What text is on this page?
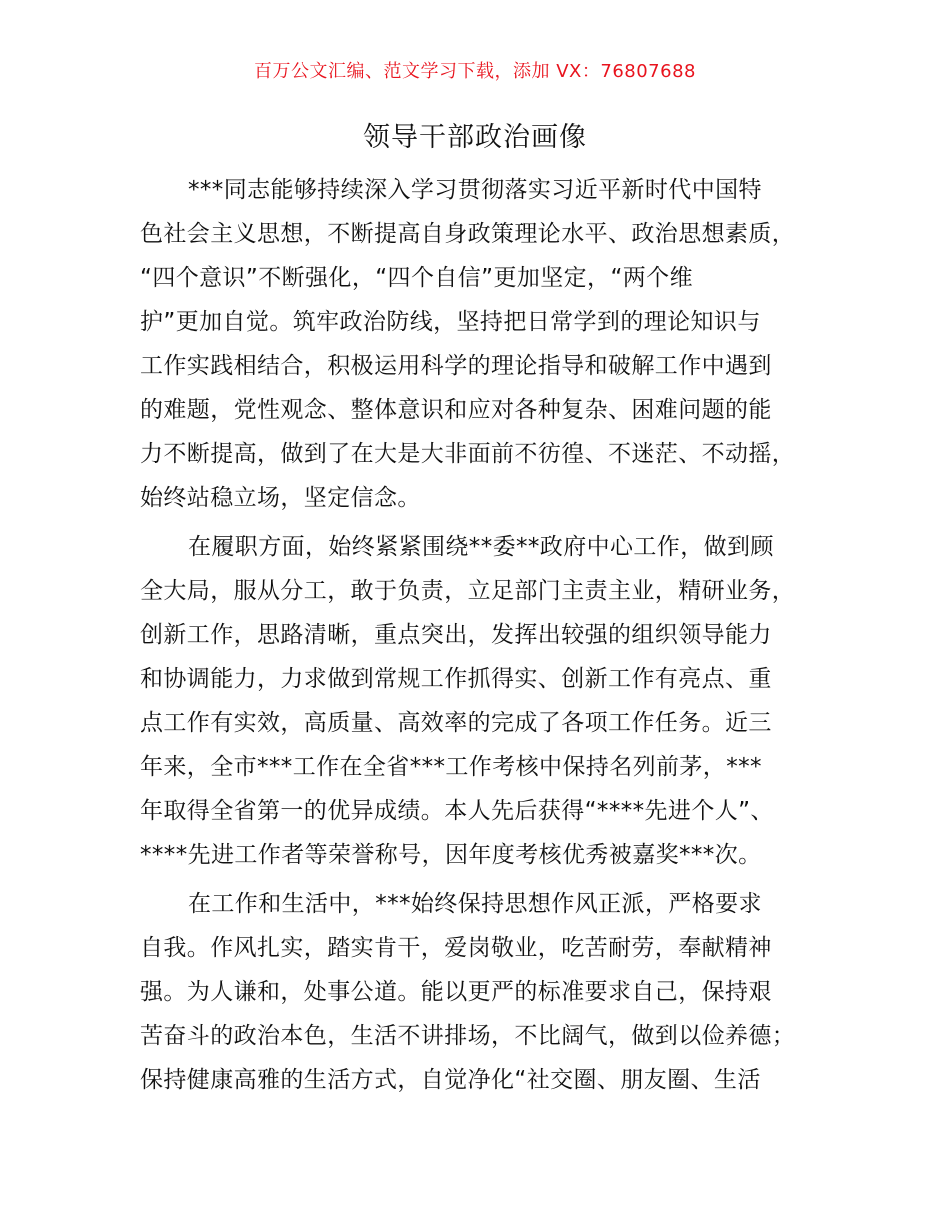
百万公文汇编、范文学习下载，添加 VX：76807688
领导干部政治画像
***同志能够持续深入学习贯彻落实习近平新时代中国特
色社会主义思想，不断提高自身政策理论水平、政治思想素质，
“四个意识”不断强化，“四个自信”更加坚定，“两个维
护”更加自觉。筑牢政治防线，坚持把日常学到的理论知识与
工作实践相结合，积极运用科学的理论指导和破解工作中遇到
的难题，党性观念、整体意识和应对各种复杂、困难问题的能
力不断提高，做到了在大是大非面前不彷徨、不迷茫、不动摇，
始终站稳立场，坚定信念。
在履职方面，始终紧紧围绕**委**政府中心工作，做到顾
全大局，服从分工，敢于负责，立足部门主责主业，精研业务，
创新工作，思路清晰，重点突出，发挥出较强的组织领导能力
和协调能力，力求做到常规工作抓得实、创新工作有亮点、重
点工作有实效，高质量、高效率的完成了各项工作任务。近三
年来，全市***工作在全省***工作考核中保持名列前茅，***
年取得全省第一的优异成绩。本人先后获得“****先进个人”、
****先进工作者等荣誉称号，因年度考核优秀被嘉奖***次。
在工作和生活中，***始终保持思想作风正派，严格要求
自我。作风扎实，踏实肯干，爱岗敬业，吃苦耐劳，奉献精神
强。为人谦和，处事公道。能以更严的标准要求自己，保持艰
苦奋斗的政治本色，生活不讲排场，不比阔气，做到以俭养德；
保持健康高雅的生活方式，自觉净化“社交圈、朋友圈、生活
